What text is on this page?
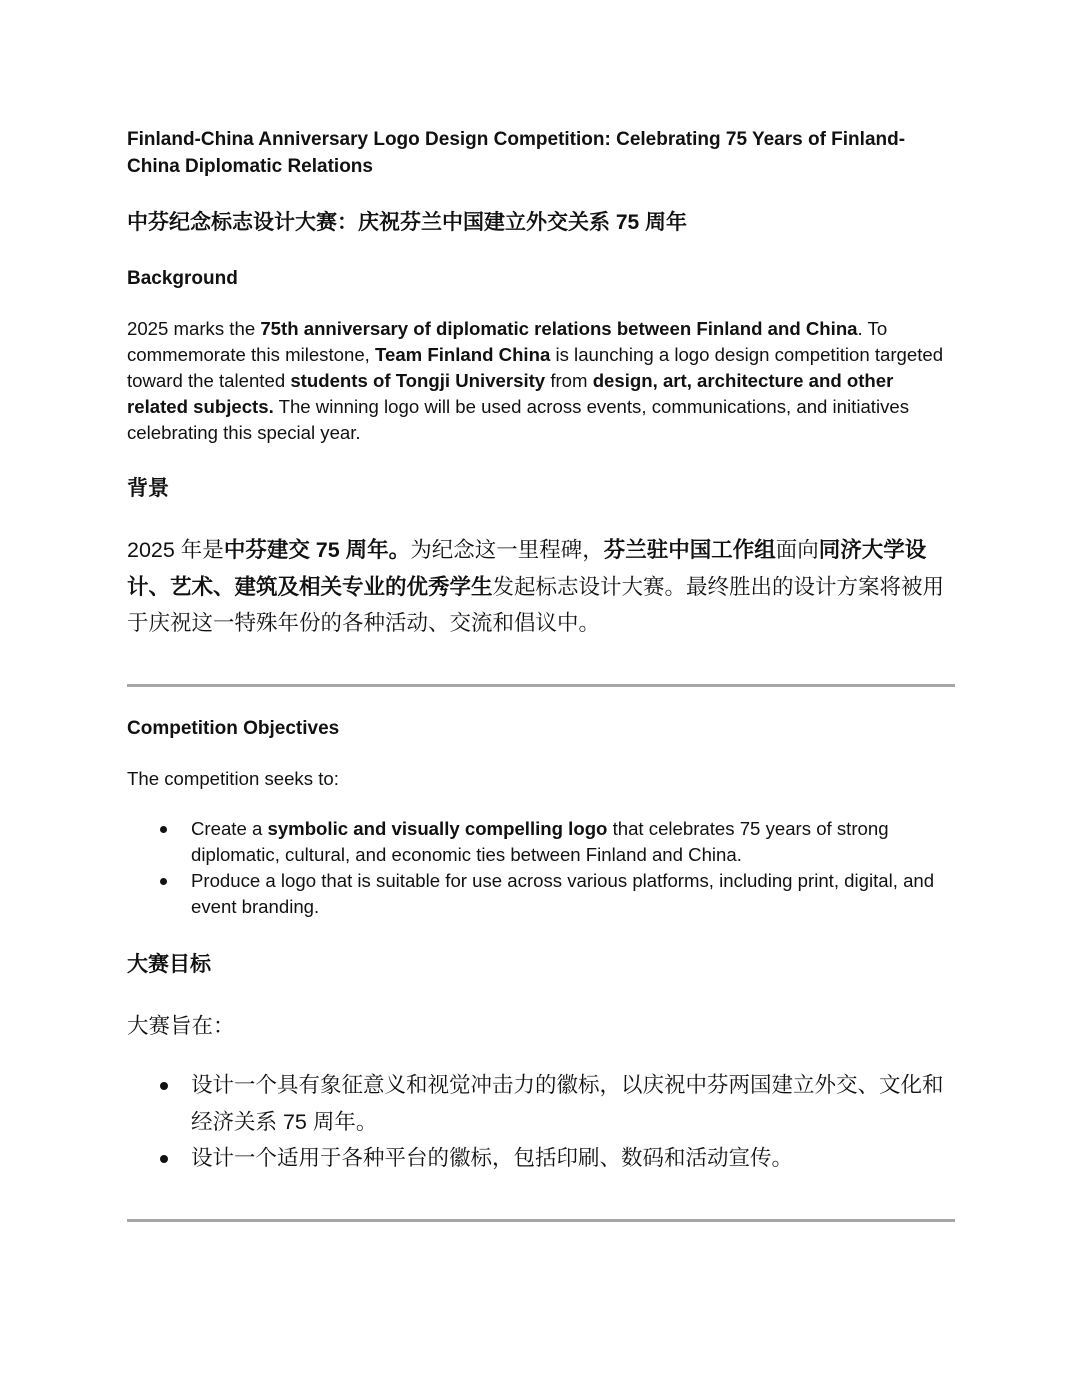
Finland-China Anniversary Logo Design Competition: Celebrating 75 Years of Finland-China Diplomatic Relations

中芬纪念标志设计大赛：庆祝芬兰中国建立外交关系 75 周年

Background

2025 marks the 75th anniversary of diplomatic relations between Finland and China. To commemorate this milestone, Team Finland China is launching a logo design competition targeted toward the talented students of Tongji University from design, art, architecture and other related subjects. The winning logo will be used across events, communications, and initiatives celebrating this special year.

背景

2025 年是中芬建交 75 周年。为纪念这一里程碑，芬兰驻中国工作组面向同济大学设计、艺术、建筑及相关专业的优秀学生发起标志设计大赛。最终胜出的设计方案将被用于庆祝这一特殊年份的各种活动、交流和倡议中。

Competition Objectives

The competition seeks to:

Create a symbolic and visually compelling logo that celebrates 75 years of strong diplomatic, cultural, and economic ties between Finland and China.
Produce a logo that is suitable for use across various platforms, including print, digital, and event branding.

大赛目标

大赛旨在：

设计一个具有象征意义和视觉冲击力的徽标，以庆祝中芬两国建立外交、文化和经济关系 75 周年。
设计一个适用于各种平台的徽标，包括印刷、数码和活动宣传。
